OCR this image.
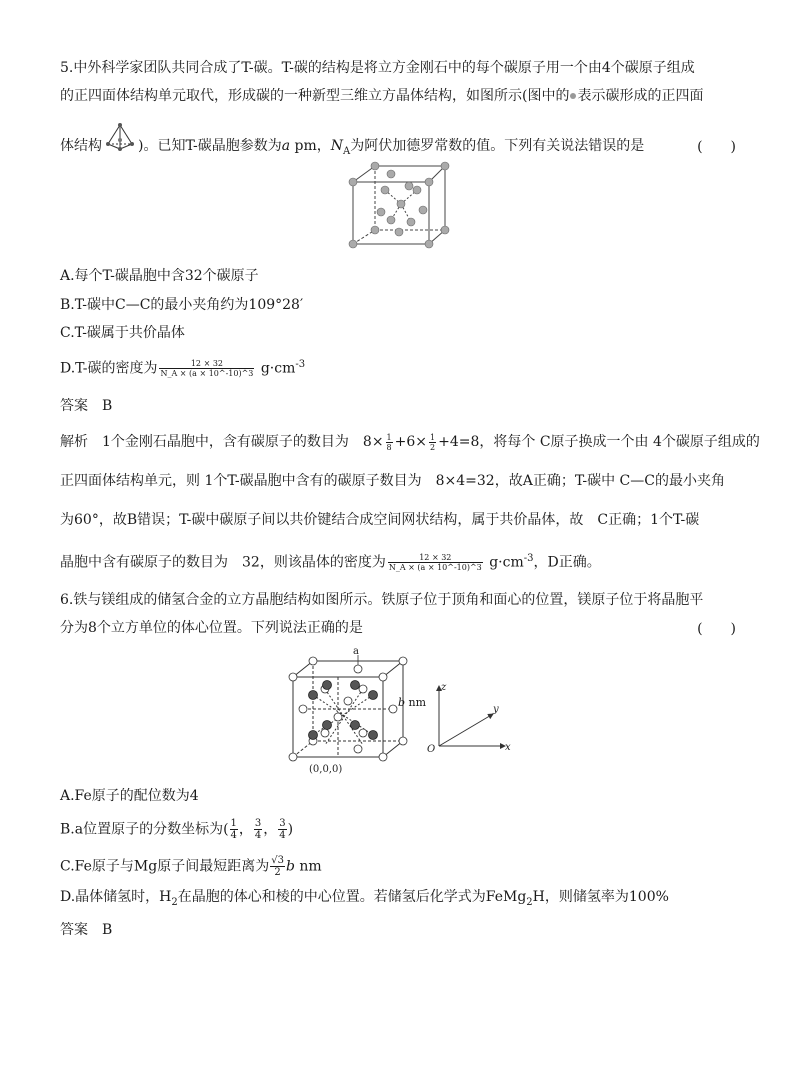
5.中外科学家团队共同合成了T-碳。T-碳的结构是将立方金刚石中的每个碳原子用一个由4个碳原子组成
的正四面体结构单元取代，形成碳的一种新型三维立方晶体结构，如图所示(图中的 表示碳形成的正四面
体结构	)。已知T-碳晶胞参数为a pm，$N_A$为阿伏加德罗常数的值。下列有关说法错误的是	(　　)
A.每个T-碳晶胞中含32个碳原子
B.T-碳中C—C的最小夹角约为109°28′
C.T-碳属于共价晶体
D.T-碳的密度为 $\frac{12 \times 32}{N\_A \times (a \times 10\^{}-10)\^{}3} g\cdot cm^{-3}$
答案　B
解析　1个金刚石晶胞中，含有碳原子的数目为　$8\times \frac{1}{8} +6\times \frac{1}{2} +4=8$，将每个 C原子换成一个由 4个碳原子组成的
正四面体结构单元，则 1个T-碳晶胞中含有的碳原子数目为　8×4=32，故A正确；T-碳中 C—C的最小夹角
为60°，故B错误；T-碳中碳原子间以共价键结合成空间网状结构，属于共价晶体，故　C正确；1个T-碳
晶胞中含有碳原子的数目为　32，则该晶体的密度为 $\frac{12 \times 32}{N\_A \times (a \times 10\^{}-10)\^{}3} g\cdot cm^{-3}$，D正确。
6.铁与镁组成的储氢合金的立方晶胞结构如图所示。铁原子位于顶角和面心的位置，镁原子位于将晶胞平
分为8个立方单位的体心位置。下列说法正确的是	(　　)
a
(0,0,0)
b nm
z
y
x
O
A.Fe原子的配位数为4
B.a位置原子的分数坐标为( $\frac{1}{4}$ ， $\frac{3}{4}$ ， $\frac{3}{4}$ )
C.Fe原子与Mg原子间最短距离为 $\frac{√3}{2}$ b nm
D.晶体储氢时，$H_2$在晶胞的体心和棱的中心位置。若储氢后化学式为FeMg$_2$H，则储氢率为100%
答案　B
